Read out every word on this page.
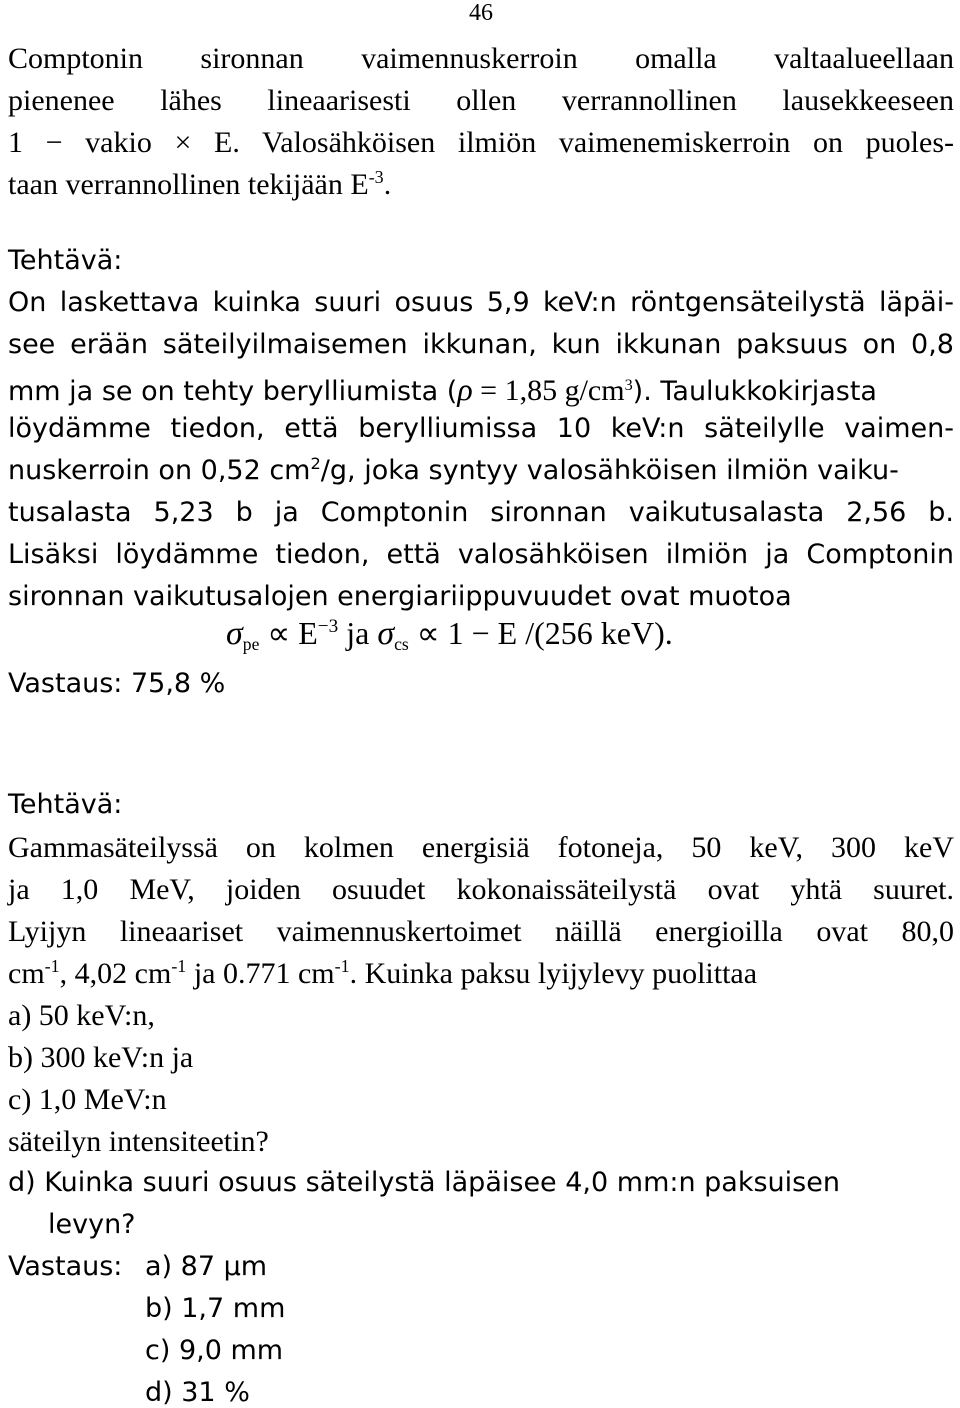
46
Comptonin sironnan vaimennuskerroin omalla valtaalueellaan
pienenee lähes lineaarisesti ollen verrannollinen lausekkeeseen
1 − vakio × E. Valosähköisen ilmiön vaimenemiskerroin on puoles-
taan verrannollinen tekijään $E^{-3}$.
Tehtävä:
On laskettava kuinka suuri osuus 5,9 keV:n röntgensäteilystä läpäi-
see erään säteilyilmaisemen ikkunan, kun ikkunan paksuus on 0,8
mm ja se on tehty berylliumista (ρ = 1,85 $g/cm^3$). Taulukkokirjasta
löydämme tiedon, että berylliumissa 10 keV:n säteilylle vaimen-
nuskerroin on 0,52 $cm^2/g$, joka syntyy valosähköisen ilmiön vaiku-
tusalasta 5,23 b ja Comptonin sironnan vaikutusalasta 2,56 b.
Lisäksi löydämme tiedon, että valosähköisen ilmiön ja Comptonin
sironnan vaikutusalojen energiariippuvuudet ovat muotoa
$\sigma pe \propto E^{-3}$ ja σcs ∝ 1 − E /(256 keV).
Vastaus: 75,8 %
Tehtävä:
Gammasäteilyssä on kolmen energisiä fotoneja, 50 keV, 300 keV
ja 1,0 MeV, joiden osuudet kokonaissäteilystä ovat yhtä suuret.
Lyijyn lineaariset vaimennuskertoimet näillä energioilla ovat 80,0
$cm^{-1}$, 4,02 $cm^{-1}$ ja 0.771 $cm^{-1}$. Kuinka paksu lyijylevy puolittaa
a) 50 keV:n,
b) 300 keV:n ja
c) 1,0 MeV:n
säteilyn intensiteetin?
d) Kuinka suuri osuus säteilystä läpäisee 4,0 mm:n paksuisen
levyn?
Vastaus: a) 87 µm
b) 1,7 mm
c) 9,0 mm
d) 31 %
